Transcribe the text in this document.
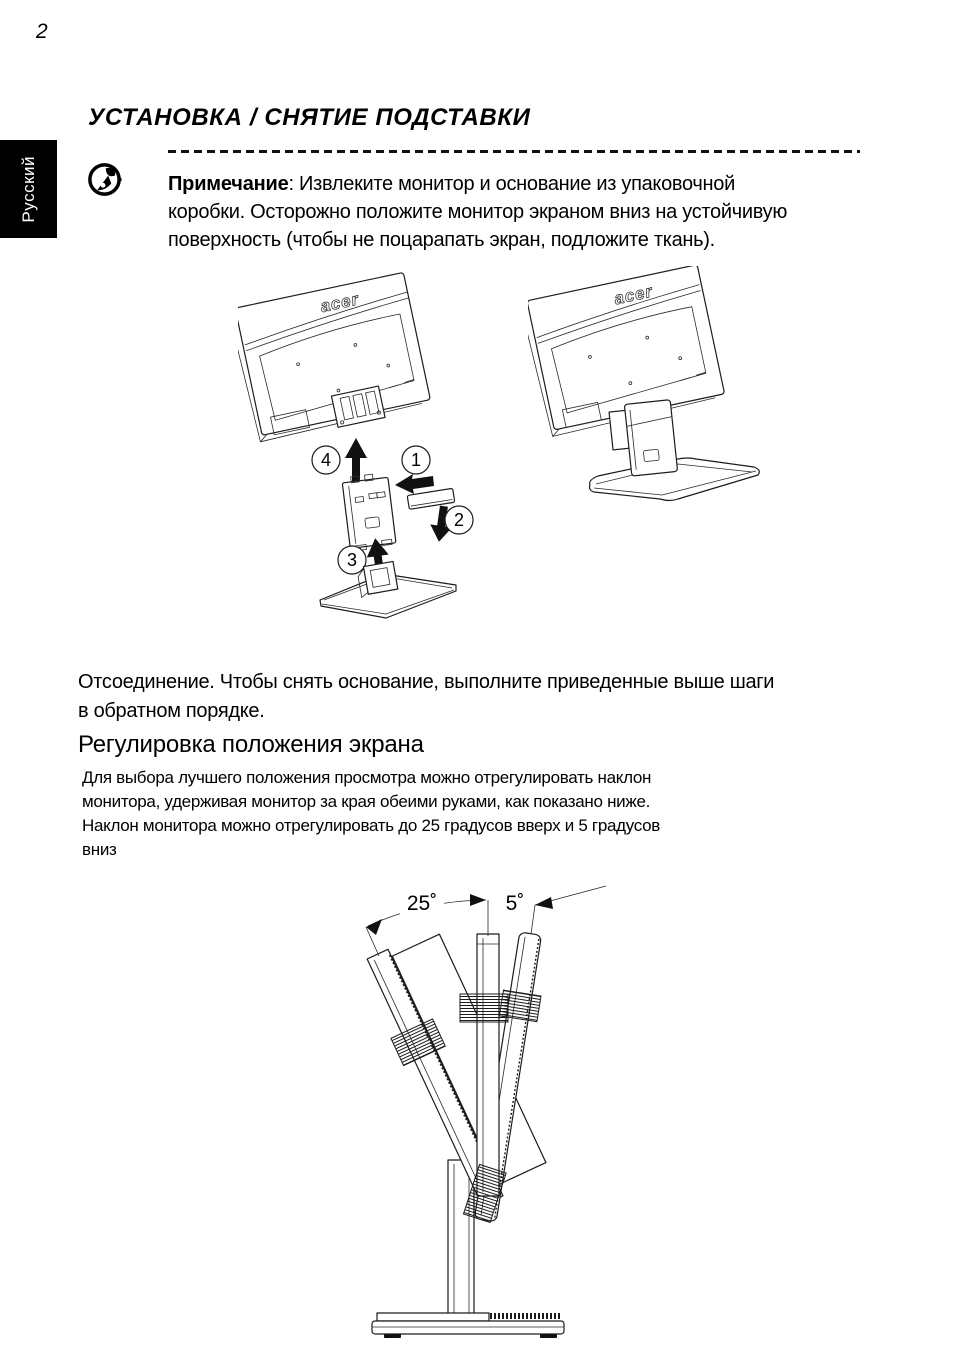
2
Русский
УСТАНОВКА / СНЯТИЕ ПОДСТАВКИ
Примечание: Извлеките монитор и основание из упаковочной
коробки. Осторожно положите монитор экраном вниз на устойчивую
поверхность (чтобы не поцарапать экран, подложите ткань).
acer
4	1
2
3
acer
Отсоединение. Чтобы снять основание, выполните приведенные выше шаги
в обратном порядке.
Регулировка положения экрана
Для выбора лучшего положения просмотра можно отрегулировать наклон
монитора, удерживая монитор за края обеими руками, как показано ниже.
Наклон монитора можно отрегулировать до 25 градусов вверх и 5 градусов
вниз
25˚	5˚
